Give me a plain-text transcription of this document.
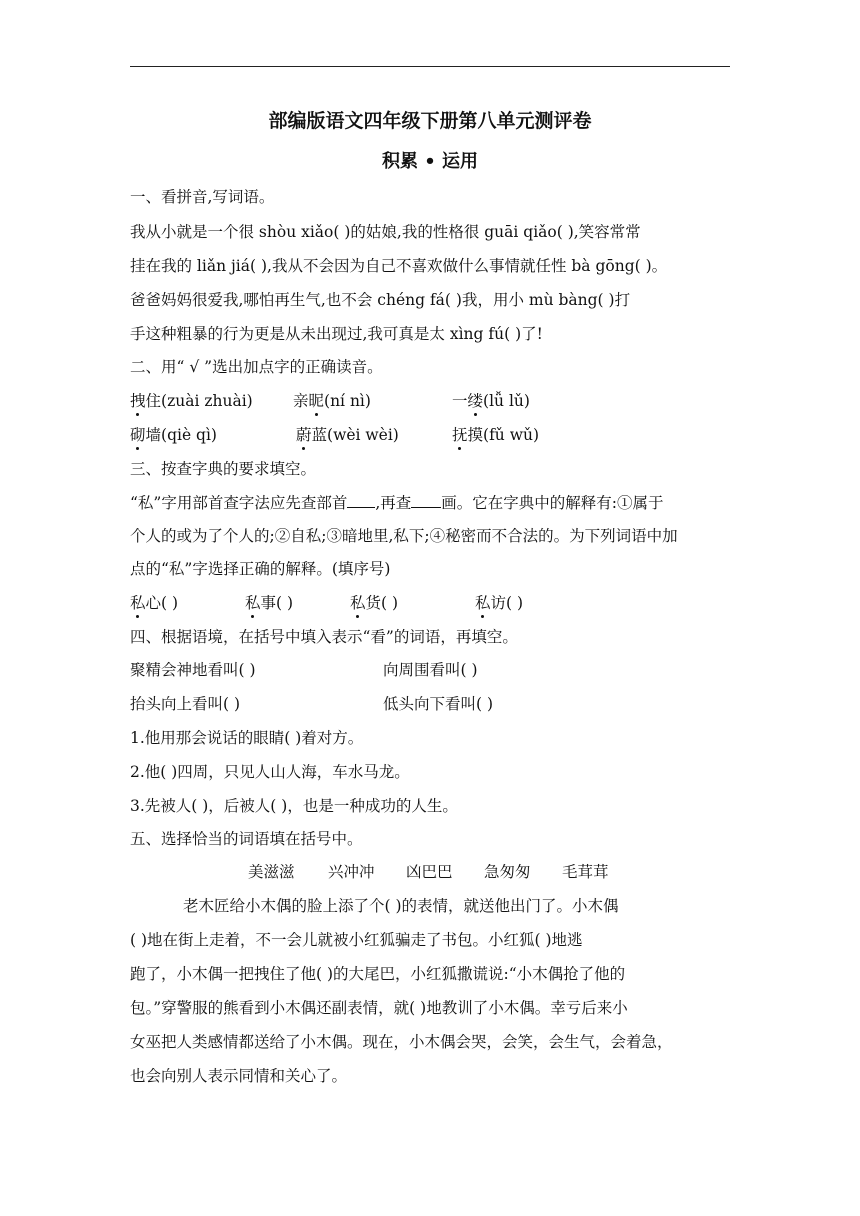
部编版语文四年级下册第八单元测评卷
积累 • 运用
一、看拼音,写词语。
我从小就是一个很 shòu xiǎo( )的姑娘,我的性格很 guāi qiǎo( ),笑容常常
挂在我的 liǎn jiá( ),我从不会因为自己不喜欢做什么事情就任性 bà gōng( )。
爸爸妈妈很爱我,哪怕再生气,也不会 chéng fá( )我，用小 mù bàng( )打
手这种粗暴的行为更是从未出现过,我可真是太 xìng fú( )了!
二、用“ √ ”选出加点字的正确读音。
拽住(zuài zhuài)	亲昵(ní nì)	一缕(lǚ lǔ)
砌墙(qiè qì)	蔚蓝(wèi wèi)	抚摸(fǔ wǔ)
三、按查字典的要求填空。
“私”字用部首查字法应先查部首 ,再查 画。它在字典中的解释有:①属于
个人的或为了个人的;②自私;③暗地里,私下;④秘密而不合法的。为下列词语中加
点的“私”字选择正确的解释。(填序号)
私心( )	私事( )	私货( )	私访( )
四、根据语境，在括号中填入表示“看”的词语，再填空。
聚精会神地看叫( )	向周围看叫( )
抬头向上看叫( )	低头向下看叫( )
1.他用那会说话的眼睛( )着对方。
2.他( )四周，只见人山人海，车水马龙。
3.先被人( )，后被人( )，也是一种成功的人生。
五、选择恰当的词语填在括号中。
美滋滋 兴冲冲 凶巴巴 急匆匆 毛茸茸
老木匠给小木偶的脸上添了个( )的表情，就送他出门了。小木偶
( )地在街上走着，不一会儿就被小红狐骗走了书包。小红狐( )地逃
跑了，小木偶一把拽住了他( )的大尾巴，小红狐撒谎说:“小木偶抢了他的
包。”穿警服的熊看到小木偶还副表情，就( )地教训了小木偶。幸亏后来小
女巫把人类感情都送给了小木偶。现在，小木偶会哭，会笑，会生气，会着急，
也会向别人表示同情和关心了。
